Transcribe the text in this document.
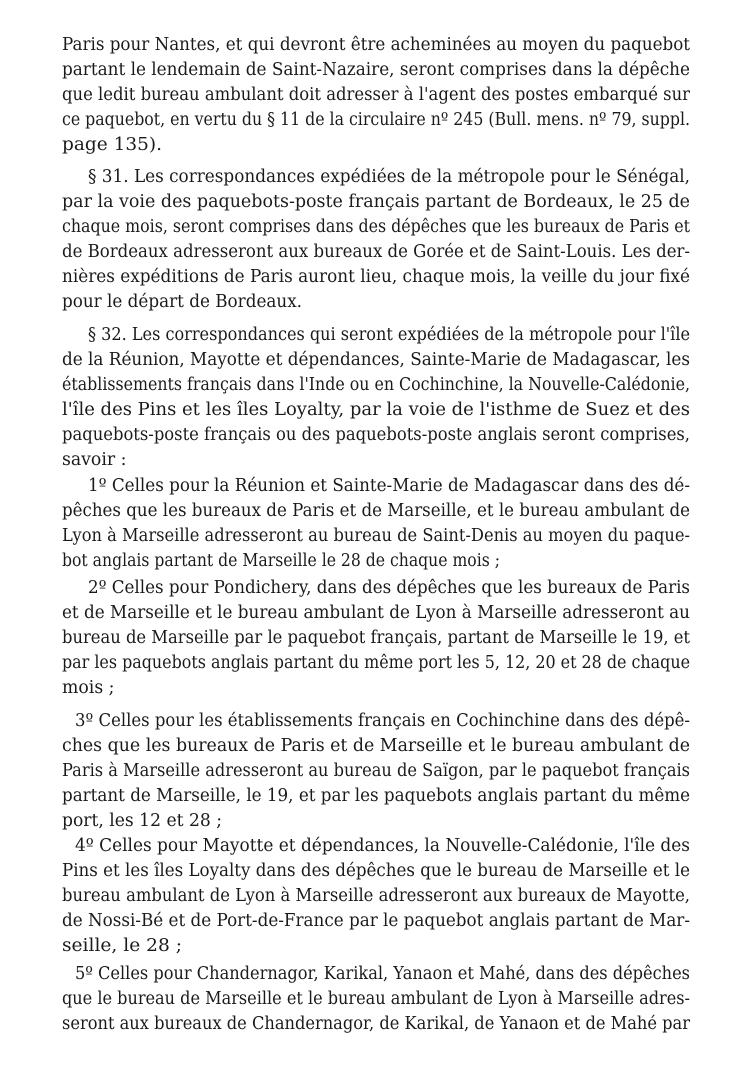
Paris pour Nantes, et qui devront être acheminées au moyen du paquebot
partant le lendemain de Saint-Nazaire, seront comprises dans la dépêche
que ledit bureau ambulant doit adresser à l'agent des postes embarqué sur
ce paquebot, en vertu du § 11 de la circulaire nº 245 (Bull. mens. nº 79, suppl.
page 135).
§ 31. Les correspondances expédiées de la métropole pour le Sénégal,
par la voie des paquebots-poste français partant de Bordeaux, le 25 de
chaque mois, seront comprises dans des dépêches que les bureaux de Paris et
de Bordeaux adresseront aux bureaux de Gorée et de Saint-Louis. Les der-
nières expéditions de Paris auront lieu, chaque mois, la veille du jour fixé
pour le départ de Bordeaux.
§ 32. Les correspondances qui seront expédiées de la métropole pour l'île
de la Réunion, Mayotte et dépendances, Sainte-Marie de Madagascar, les
établissements français dans l'Inde ou en Cochinchine, la Nouvelle-Calédonie,
l'île des Pins et les îles Loyalty, par la voie de l'isthme de Suez et des
paquebots-poste français ou des paquebots-poste anglais seront comprises,
savoir :
1º Celles pour la Réunion et Sainte-Marie de Madagascar dans des dé-
pêches que les bureaux de Paris et de Marseille, et le bureau ambulant de
Lyon à Marseille adresseront au bureau de Saint-Denis au moyen du paque-
bot anglais partant de Marseille le 28 de chaque mois ;
2º Celles pour Pondichery, dans des dépêches que les bureaux de Paris
et de Marseille et le bureau ambulant de Lyon à Marseille adresseront au
bureau de Marseille par le paquebot français, partant de Marseille le 19, et
par les paquebots anglais partant du même port les 5, 12, 20 et 28 de chaque
mois ;
3º Celles pour les établissements français en Cochinchine dans des dépê-
ches que les bureaux de Paris et de Marseille et le bureau ambulant de
Paris à Marseille adresseront au bureau de Saïgon, par le paquebot français
partant de Marseille, le 19, et par les paquebots anglais partant du même
port, les 12 et 28 ;
4º Celles pour Mayotte et dépendances, la Nouvelle-Calédonie, l'île des
Pins et les îles Loyalty dans des dépêches que le bureau de Marseille et le
bureau ambulant de Lyon à Marseille adresseront aux bureaux de Mayotte,
de Nossi-Bé et de Port-de-France par le paquebot anglais partant de Mar-
seille, le 28 ;
5º Celles pour Chandernagor, Karikal, Yanaon et Mahé, dans des dépêches
que le bureau de Marseille et le bureau ambulant de Lyon à Marseille adres-
seront aux bureaux de Chandernagor, de Karikal, de Yanaon et de Mahé par
